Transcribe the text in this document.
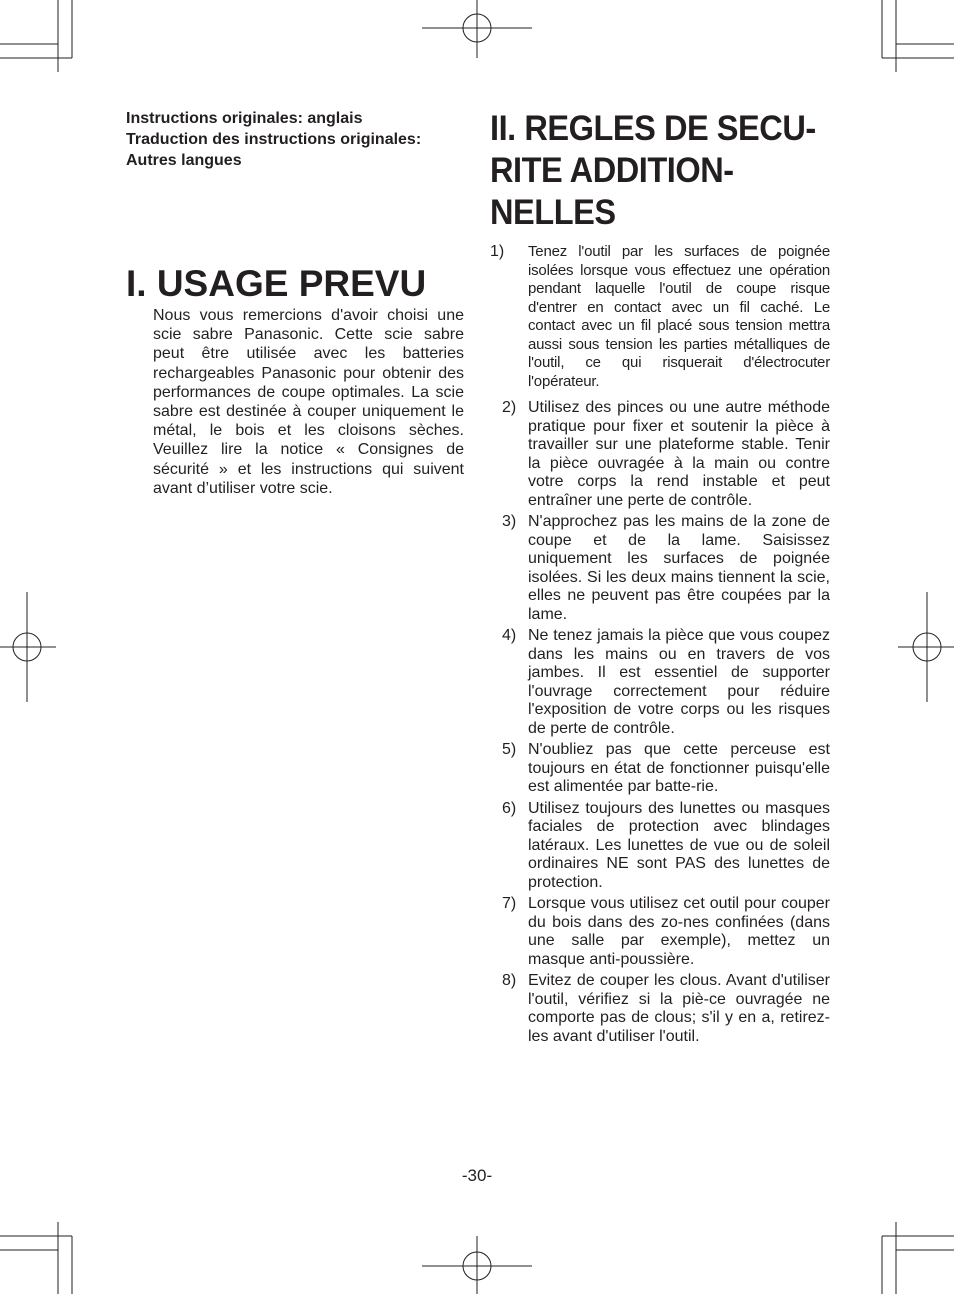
Instructions originales: anglais
Traduction des instructions originales:
Autres langues
I. USAGE PREVU

Nous vous remercions d'avoir choisi une scie sabre Panasonic. Cette scie sabre peut être utilisée avec les batteries rechargeables Panasonic pour obtenir des performances de coupe optimales. La scie sabre est destinée à couper uniquement le métal, le bois et les cloisons sèches. Veuillez lire la notice « Consignes de sécurité » et les instructions qui suivent avant d’utiliser votre scie.

II. REGLES DE SECU-
RITE ADDITION-
NELLES
1)	Tenez l'outil par les surfaces de poignée isolées lorsque vous effectuez une opération pendant laquelle l'outil de coupe risque d'entrer en contact avec un fil caché. Le contact avec un fil placé sous tension mettra aussi sous tension les parties métalliques de l'outil, ce qui risquerait d'électrocuter l'opérateur.
2) Utilisez des pinces ou une autre méthode pratique pour fixer et soutenir la pièce à travailler sur une plateforme stable. Tenir la pièce ouvragée à la main ou contre votre corps la rend instable et peut entraîner une perte de contrôle.
3) N'approchez pas les mains de la zone de coupe et de la lame. Saisissez uniquement les surfaces de poignée isolées. Si les deux mains tiennent la scie, elles ne peuvent pas être coupées par la lame.
4) Ne tenez jamais la pièce que vous coupez dans les mains ou en travers de vos jambes. Il est essentiel de supporter l'ouvrage correctement pour réduire l'exposition de votre corps ou les risques de perte de contrôle.
5) N'oubliez pas que cette perceuse est toujours en état de fonctionner puisqu'elle est alimentée par batte-rie.
6) Utilisez toujours des lunettes ou masques faciales de protection avec blindages latéraux. Les lunettes de vue ou de soleil ordinaires NE sont PAS des lunettes de protection.
7) Lorsque vous utilisez cet outil pour couper du bois dans des zo-nes confinées (dans une salle par exemple), mettez un masque anti-poussière.
8) Evitez de couper les clous. Avant d'utiliser l'outil, vérifiez si la piè-ce ouvragée ne comporte pas de clous; s'il y en a, retirez-les avant d'utiliser l'outil.
-30-
